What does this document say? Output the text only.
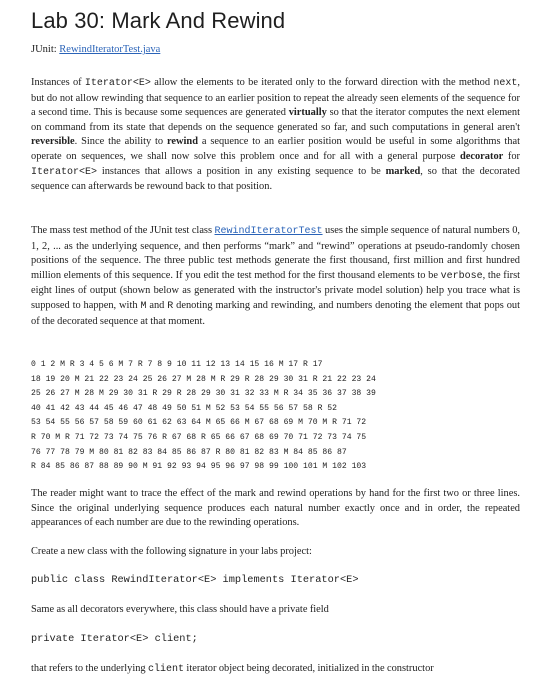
Lab 30: Mark And Rewind
JUnit: RewindIteratorTest.java

Instances of Iterator<E> allow the elements to be iterated only to the forward direction with the method next, but do not allow rewinding that sequence to an earlier position to repeat the already seen elements of the sequence for a second time. This is because some sequences are generated virtually so that the iterator computes the next element on command from its state that depends on the sequence generated so far, and such computations in general aren't reversible. Since the ability to rewind a sequence to an earlier position would be useful in some algorithms that operate on sequences, we shall now solve this problem once and for all with a general purpose decorator for Iterator<E> instances that allows a position in any existing sequence to be marked, so that the decorated sequence can afterwards be rewound back to that position.

The mass test method of the JUnit test class RewindIteratorTest uses the simple sequence of natural numbers 0, 1, 2, ... as the underlying sequence, and then performs “mark” and “rewind” operations at pseudo-randomly chosen positions of the sequence. The three public test methods generate the first thousand, first million and first hundred million elements of this sequence. If you edit the test method for the first thousand elements to be verbose, the first eight lines of output (shown below as generated with the instructor's private model solution) help you trace what is supposed to happen, with M and R denoting marking and rewinding, and numbers denoting the element that pops out of the decorated sequence at that moment.

0 1 2 M R 3 4 5 6 M 7 R 7 8 9 10 11 12 13 14 15 16 M 17 R 17
18 19 20 M 21 22 23 24 25 26 27 M 28 M R 29 R 28 29 30 31 R 21 22 23 24
25 26 27 M 28 M 29 30 31 R 29 R 28 29 30 31 32 33 M R 34 35 36 37 38 39
40 41 42 43 44 45 46 47 48 49 50 51 M 52 53 54 55 56 57 58 R 52
53 54 55 56 57 58 59 60 61 62 63 64 M 65 66 M 67 68 69 M 70 M R 71 72
R 70 M R 71 72 73 74 75 76 R 67 68 R 65 66 67 68 69 70 71 72 73 74 75
76 77 78 79 M 80 81 82 83 84 85 86 87 R 80 81 82 83 M 84 85 86 87
R 84 85 86 87 88 89 90 M 91 92 93 94 95 96 97 98 99 100 101 M 102 103

The reader might want to trace the effect of the mark and rewind operations by hand for the first two or three lines. Since the original underlying sequence produces each natural number exactly once and in order, the repeated appearances of each number are due to the rewinding operations.

Create a new class with the following signature in your labs project:

public class RewindIterator<E> implements Iterator<E>

Same as all decorators everywhere, this class should have a private field

private Iterator<E> client;

that refers to the underlying client iterator object being decorated, initialized in the constructor
